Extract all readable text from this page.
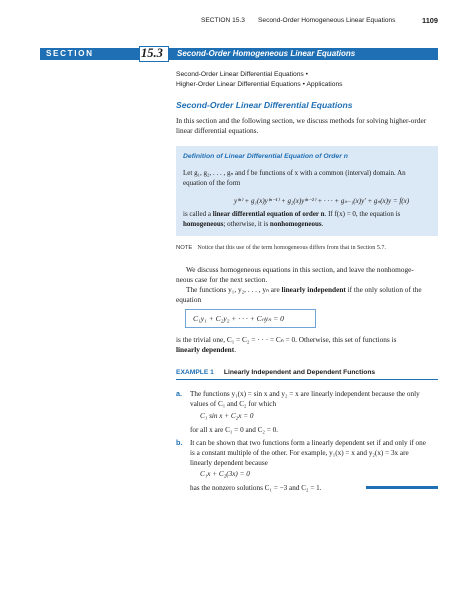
SECTION 15.3 Second-Order Homogeneous Linear Equations	1109
SECTION	15.3 Second-Order Homogeneous Linear Equations
Second-Order Linear Differential Equations •
Higher-Order Linear Differential Equations • Applications
Second-Order Linear Differential Equations
In this section and the following section, we discuss methods for solving higher-order
linear differential equations.
Definition of Linear Differential Equation of Order n
Let g₁, g₂, . . . , gₙ and f be functions of x with a common (interval) domain. An
equation of the form
y⁽ⁿ⁾ + g₁(x)y⁽ⁿ⁻¹⁾ + g₂(x)y⁽ⁿ⁻²⁾ + · · · + gₙ₋₁(x)y′ + gₙ(x)y = f(x)
is called a linear differential equation of order n. If f(x) = 0, the equation is
homogeneous; otherwise, it is nonhomogeneous.
NOTE Notice that this use of the term homogeneous differs from that in Section 5.7.
We discuss homogeneous equations in this section, and leave the nonhomoge-
neous case for the next section.
The functions y₁, y₂, . . . , yₙ are linearly independent if the only solution of the
equation
C₁y₁ + C₂y₂ + · · · + Cₙyₙ = 0
is the trivial one, C₁ = C₂ = · · · = Cₙ = 0. Otherwise, this set of functions is
linearly dependent.
EXAMPLE 1 Linearly Independent and Dependent Functions
a. The functions y₁(x) = sin x and y₂ = x are linearly independent because the only
values of C₁ and C₂ for which
C₁ sin x + C₂x = 0
for all x are C₁ = 0 and C₂ = 0.
b. It can be shown that two functions form a linearly dependent set if and only if one
is a constant multiple of the other. For example, y₁(x) = x and y₂(x) = 3x are
linearly dependent because
C₁x + C₂(3x) = 0
has the nonzero solutions C₁ = −3 and C₂ = 1.
